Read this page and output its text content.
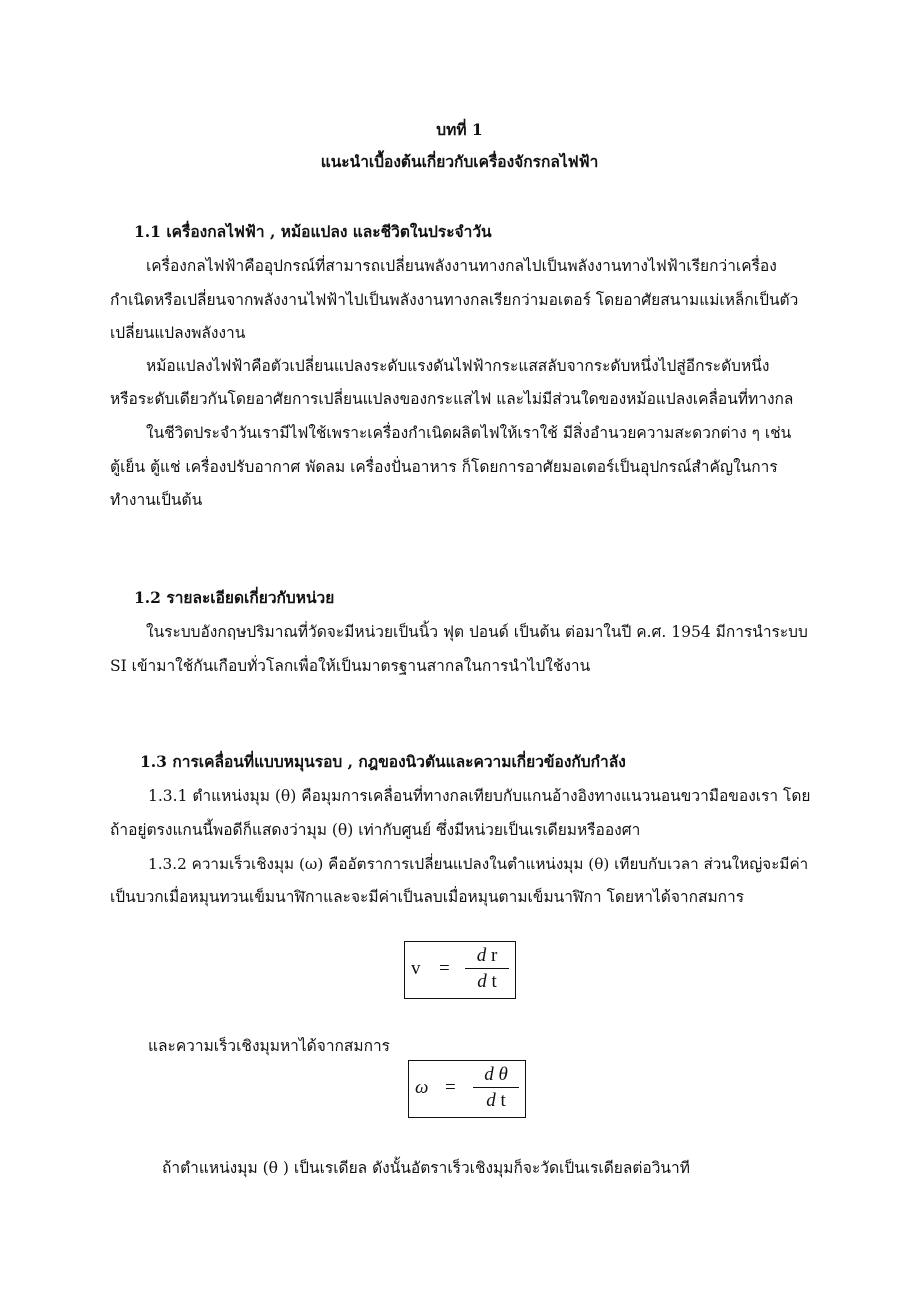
บทที่ 1
แนะนำเบื้องต้นเกี่ยวกับเครื่องจักรกลไฟฟ้า
1.1 เครื่องกลไฟฟ้า , หม้อแปลง และชีวิตในประจำวัน
เครื่องกลไฟฟ้าคืออุปกรณ์ที่สามารถเปลี่ยนพลังงานทางกลไปเป็นพลังงานทางไฟฟ้าเรียกว่าเครื่อง
กำเนิดหรือเปลี่ยนจากพลังงานไฟฟ้าไปเป็นพลังงานทางกลเรียกว่ามอเตอร์ โดยอาศัยสนามแม่เหล็กเป็นตัว
เปลี่ยนแปลงพลังงาน
หม้อแปลงไฟฟ้าคือตัวเปลี่ยนแปลงระดับแรงดันไฟฟ้ากระแสสลับจากระดับหนึ่งไปสู่อีกระดับหนึ่ง
หรือระดับเดียวกันโดยอาศัยการเปลี่ยนแปลงของกระแสไฟ และไม่มีส่วนใดของหม้อแปลงเคลื่อนที่ทางกล
ในชีวิตประจำวันเรามีไฟใช้เพราะเครื่องกำเนิดผลิตไฟให้เราใช้ มีสิ่งอำนวยความสะดวกต่าง ๆ เช่น
ตู้เย็น ตู้แช่ เครื่องปรับอากาศ พัดลม เครื่องปั่นอาหาร ก็โดยการอาศัยมอเตอร์เป็นอุปกรณ์สำคัญในการ
ทำงานเป็นต้น
1.2 รายละเอียดเกี่ยวกับหน่วย
ในระบบอังกฤษปริมาณที่วัดจะมีหน่วยเป็นนิ้ว ฟุต ปอนด์ เป็นต้น ต่อมาในปี ค.ศ. 1954 มีการนำระบบ
SI เข้ามาใช้กันเกือบทั่วโลกเพื่อให้เป็นมาตรฐานสากลในการนำไปใช้งาน
1.3 การเคลื่อนที่แบบหมุนรอบ , กฎของนิวตันและความเกี่ยวข้องกับกำลัง
1.3.1 ตำแหน่งมุม (θ) คือมุมการเคลื่อนที่ทางกลเทียบกับแกนอ้างอิงทางแนวนอนขวามือของเรา โดย
ถ้าอยู่ตรงแกนนี้พอดีก็แสดงว่ามุม (θ) เท่ากับศูนย์ ซึ่งมีหน่วยเป็นเรเดียมหรือองศา
1.3.2 ความเร็วเชิงมุม (ω) คืออัตราการเปลี่ยนแปลงในตำแหน่งมุม (θ) เทียบกับเวลา ส่วนใหญ่จะมีค่า
เป็นบวกเมื่อหมุนทวนเข็มนาฬิกาและจะมีค่าเป็นลบเมื่อหมุนตามเข็มนาฬิกา โดยหาได้จากสมการ
v =
d r
d t
และความเร็วเชิงมุมหาได้จากสมการ
ω =
d θ
d t
ถ้าตำแหน่งมุม (θ ) เป็นเรเดียล ดังนั้นอัตราเร็วเชิงมุมก็จะวัดเป็นเรเดียลต่อวินาที
